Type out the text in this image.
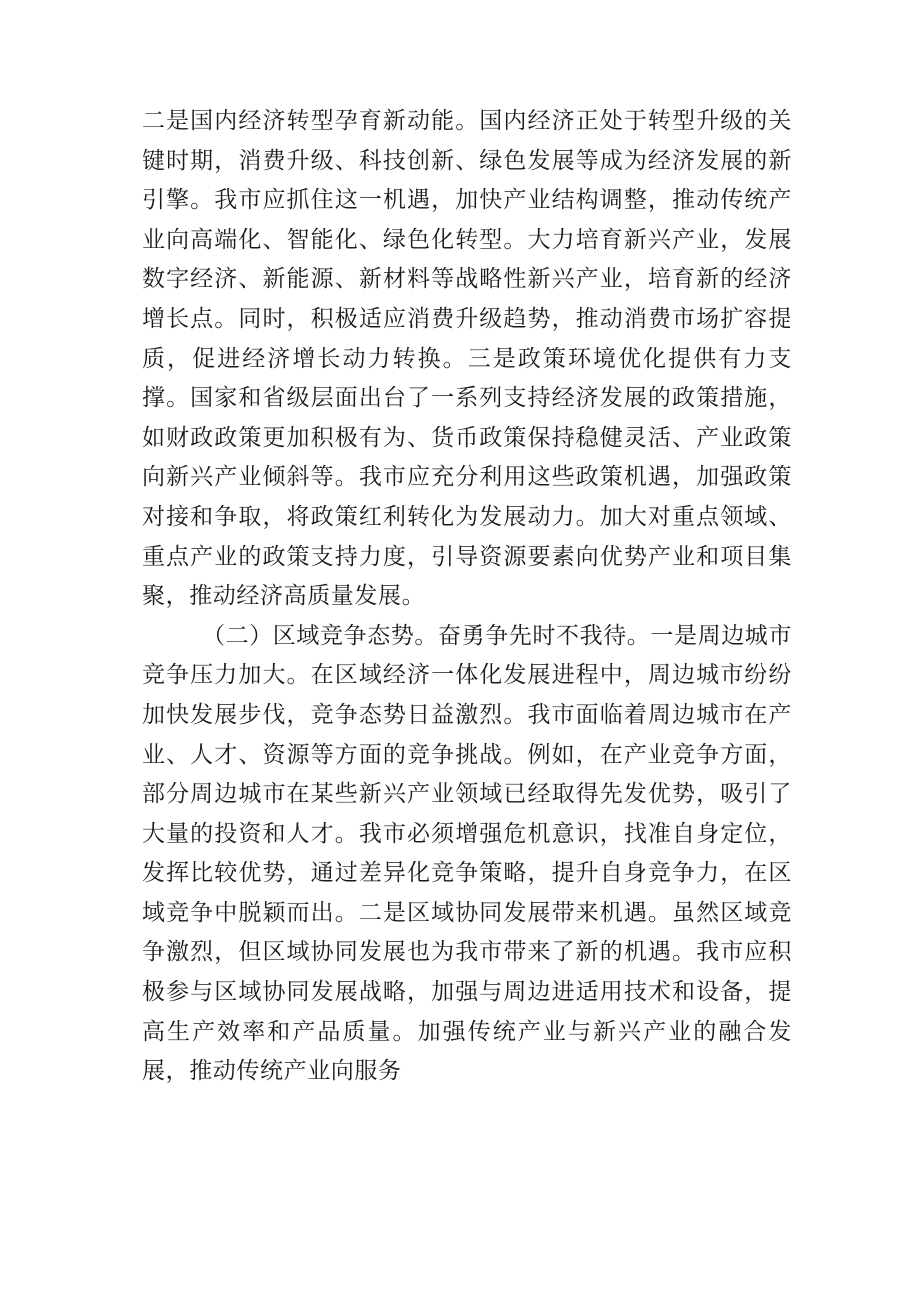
二是国内经济转型孕育新动能。国内经济正处于转型升级的关键时期，消费升级、科技创新、绿色发展等成为经济发展的新引擎。我市应抓住这一机遇，加快产业结构调整，推动传统产业向高端化、智能化、绿色化转型。大力培育新兴产业，发展数字经济、新能源、新材料等战略性新兴产业，培育新的经济增长点。同时，积极适应消费升级趋势，推动消费市场扩容提质，促进经济增长动力转换。三是政策环境优化提供有力支撑。国家和省级层面出台了一系列支持经济发展的政策措施，如财政政策更加积极有为、货币政策保持稳健灵活、产业政策向新兴产业倾斜等。我市应充分利用这些政策机遇，加强政策对接和争取，将政策红利转化为发展动力。加大对重点领域、重点产业的政策支持力度，引导资源要素向优势产业和项目集聚，推动经济高质量发展。

（二）区域竞争态势。奋勇争先时不我待。一是周边城市竞争压力加大。在区域经济一体化发展进程中，周边城市纷纷加快发展步伐，竞争态势日益激烈。我市面临着周边城市在产业、人才、资源等方面的竞争挑战。例如，在产业竞争方面，部分周边城市在某些新兴产业领域已经取得先发优势，吸引了大量的投资和人才。我市必须增强危机意识，找准自身定位，发挥比较优势，通过差异化竞争策略，提升自身竞争力，在区域竞争中脱颖而出。二是区域协同发展带来机遇。虽然区域竞争激烈，但区域协同发展也为我市带来了新的机遇。我市应积极参与区域协同发展战略，加强与周边进适用技术和设备，提高生产效率和产品质量。加强传统产业与新兴产业的融合发展，推动传统产业向服务
